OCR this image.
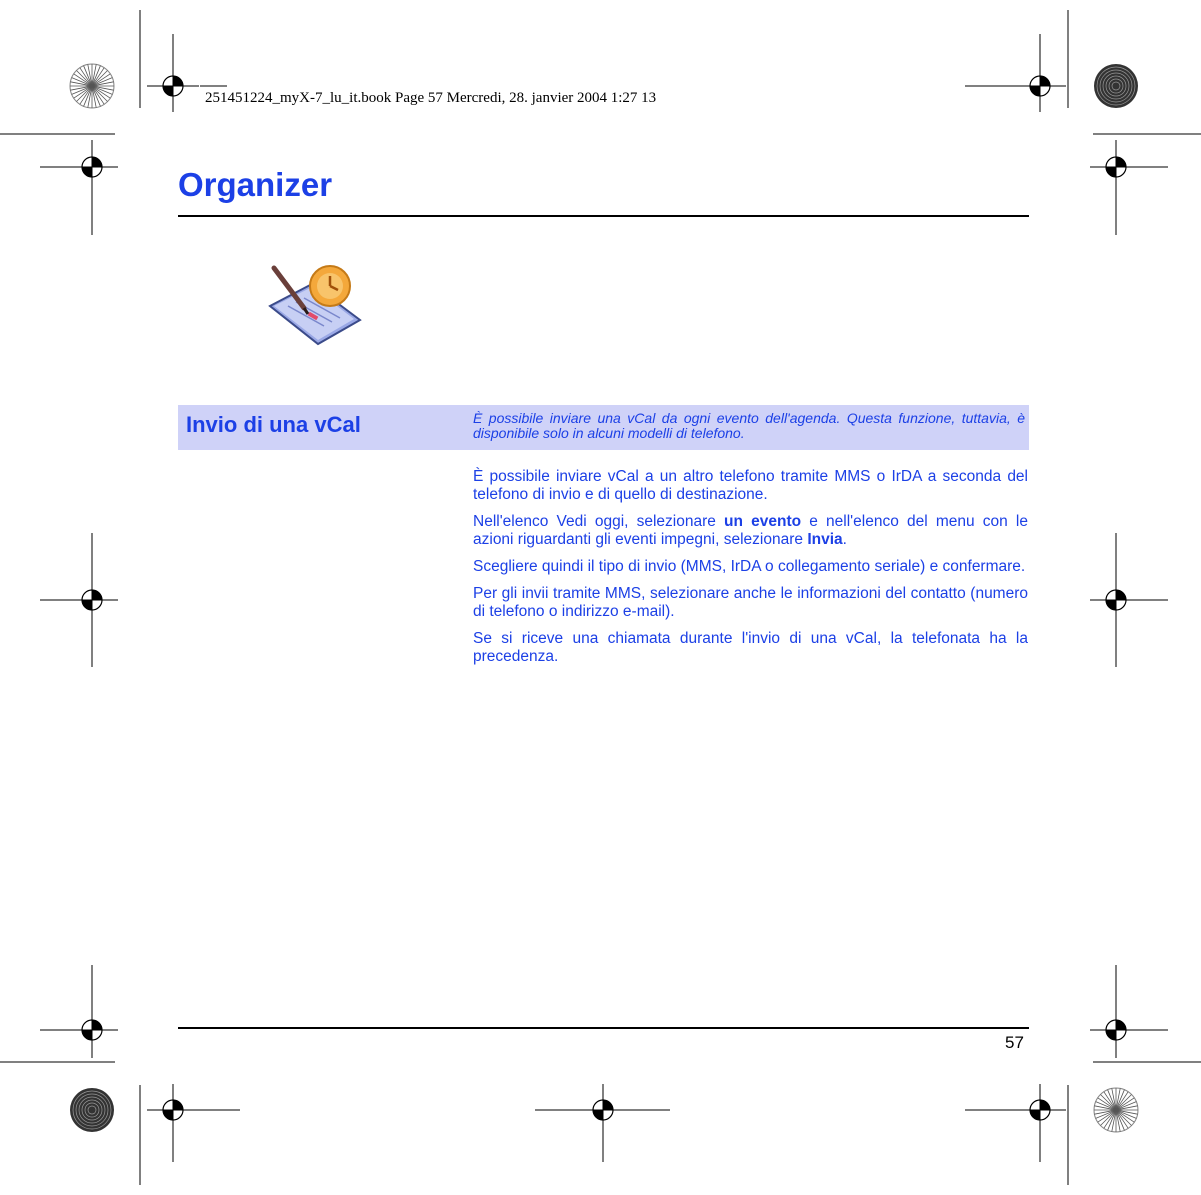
251451224_myX-7_lu_it.book Page 57 Mercredi, 28. janvier 2004 1:27 13
Organizer
Invio di una vCal	È possibile inviare una vCal da ogni evento dell'agenda. Questa funzione, tuttavia, è disponibile solo in alcuni modelli di telefono.

È possibile inviare vCal a un altro telefono tramite MMS o IrDA a seconda del telefono di invio e di quello di destinazione.

Nell'elenco Vedi oggi, selezionare un evento e nell'elenco del menu con le azioni riguardanti gli eventi impegni, selezionare Invia.

Scegliere quindi il tipo di invio (MMS, IrDA o collegamento seriale) e confermare.

Per gli invii tramite MMS, selezionare anche le informazioni del contatto (numero di telefono o indirizzo e-mail).

Se si riceve una chiamata durante l'invio di una vCal, la telefonata ha la precedenza.

57
